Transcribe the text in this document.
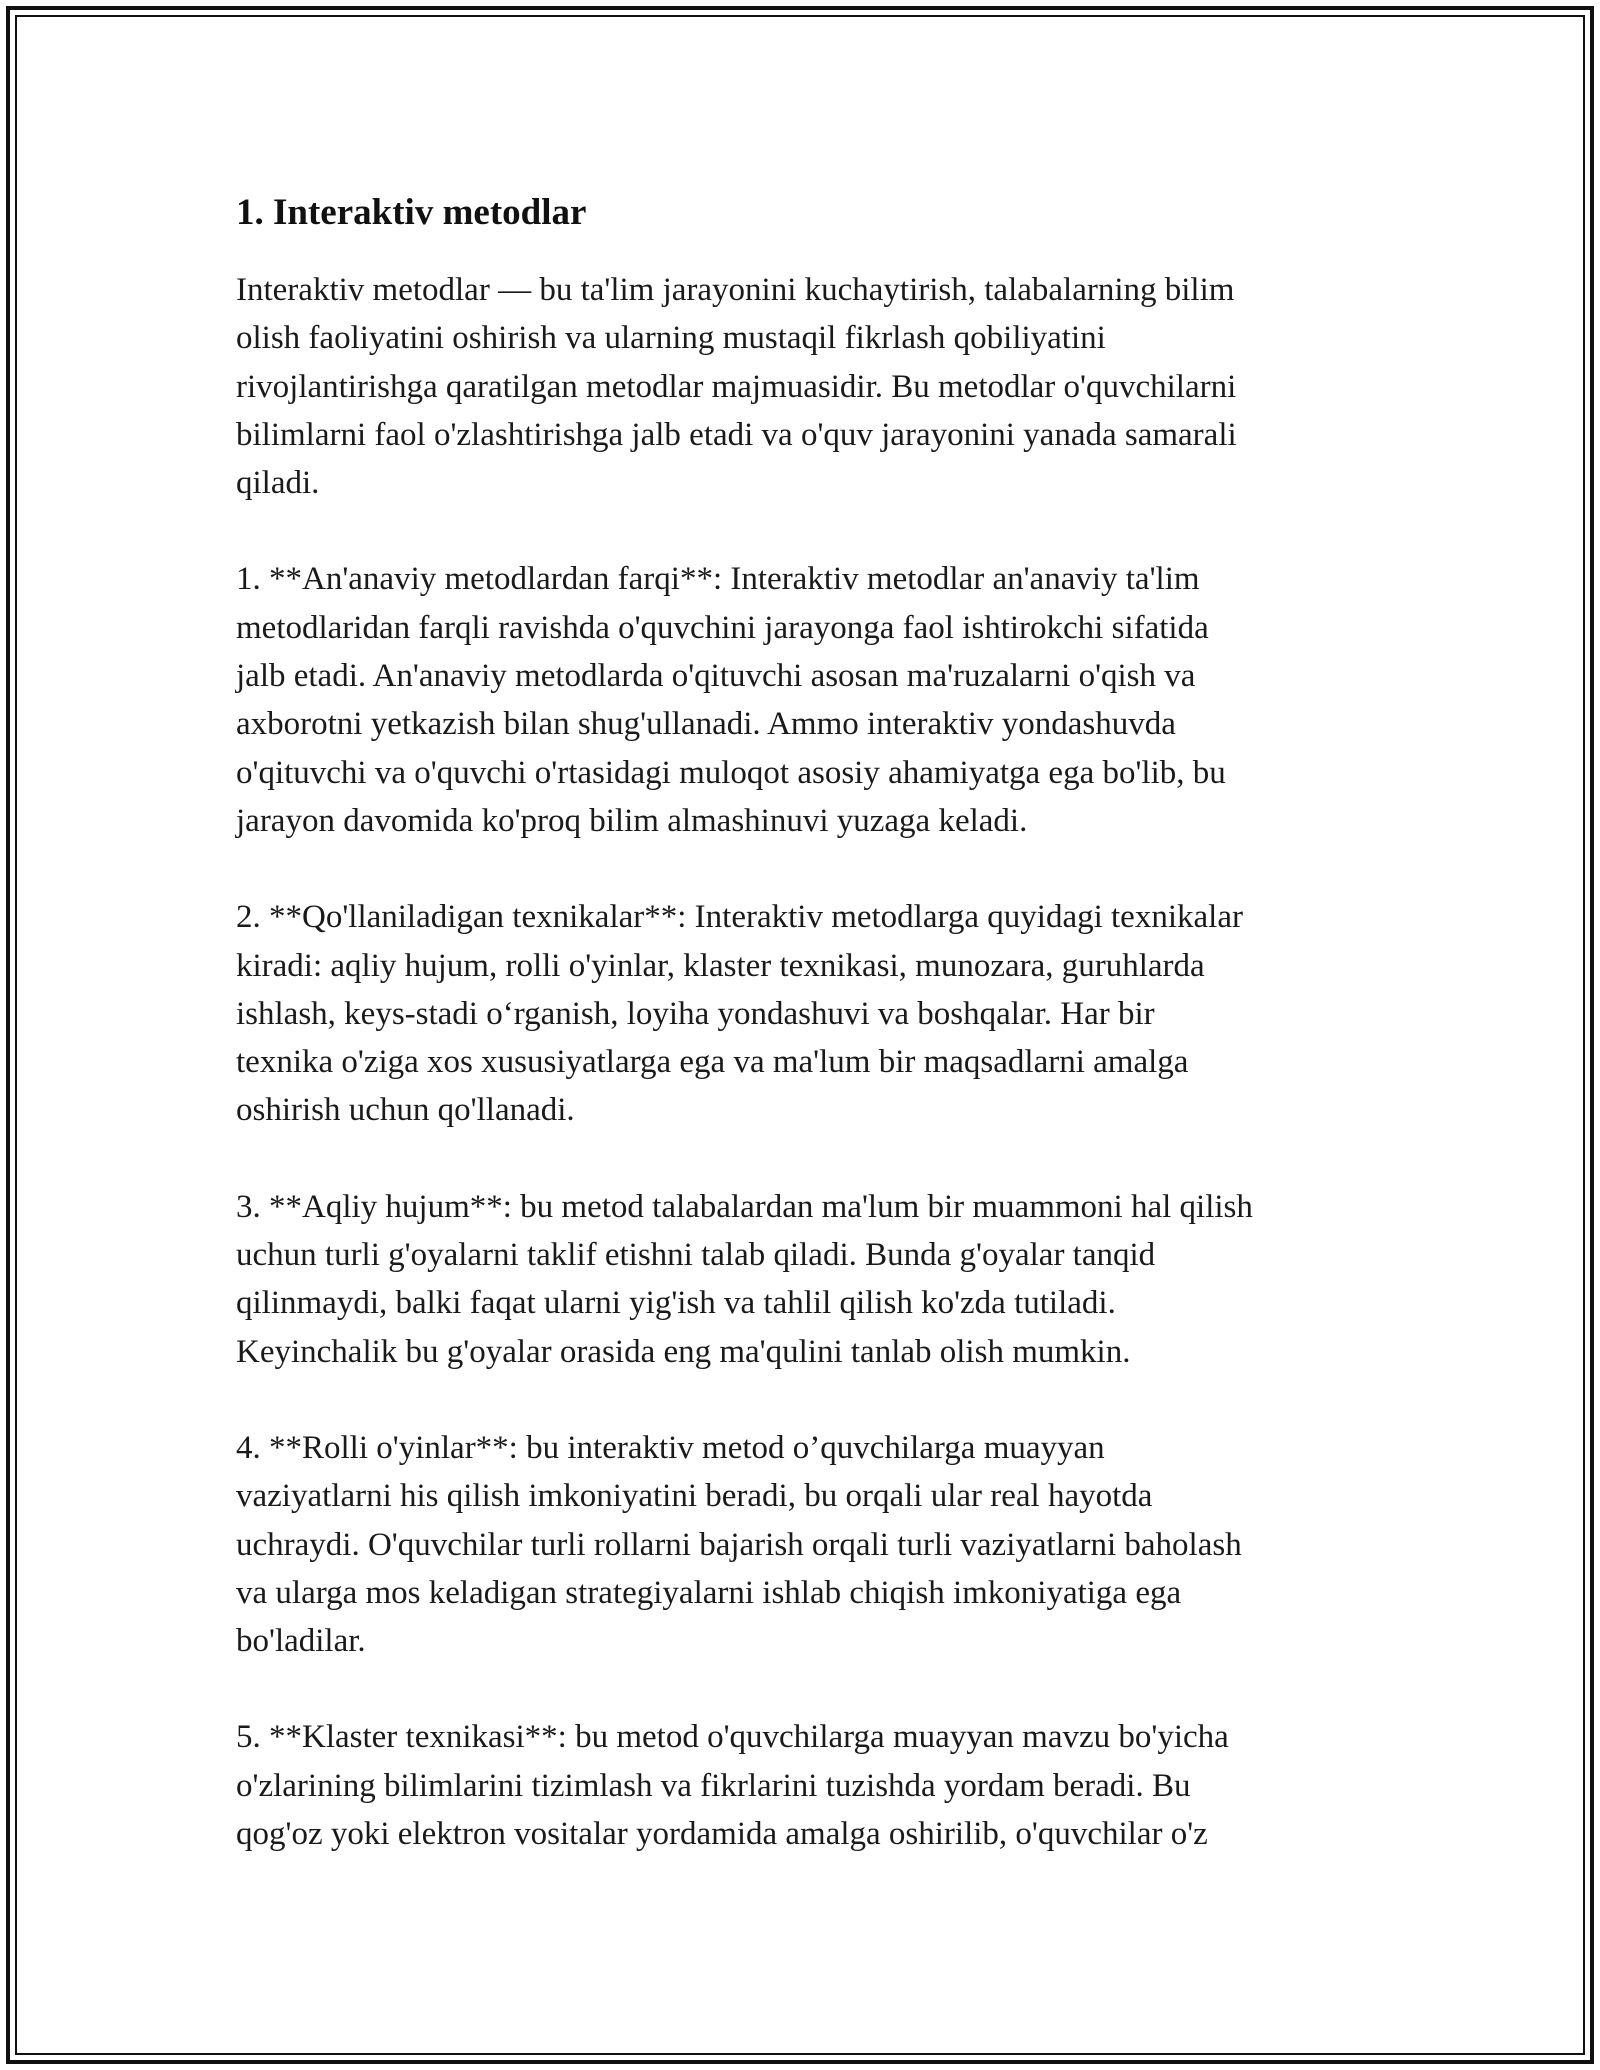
1. Interaktiv metodlar

Interaktiv metodlar — bu ta'lim jarayonini kuchaytirish, talabalarning bilim
olish faoliyatini oshirish va ularning mustaqil fikrlash qobiliyatini
rivojlantirishga qaratilgan metodlar majmuasidir. Bu metodlar o'quvchilarni
bilimlarni faol o'zlashtirishga jalb etadi va o'quv jarayonini yanada samarali
qiladi.

1. **An'anaviy metodlardan farqi**: Interaktiv metodlar an'anaviy ta'lim
metodlaridan farqli ravishda o'quvchini jarayonga faol ishtirokchi sifatida
jalb etadi. An'anaviy metodlarda o'qituvchi asosan ma'ruzalarni o'qish va
axborotni yetkazish bilan shug'ullanadi. Ammo interaktiv yondashuvda
o'qituvchi va o'quvchi o'rtasidagi muloqot asosiy ahamiyatga ega bo'lib, bu
jarayon davomida ko'proq bilim almashinuvi yuzaga keladi.

2. **Qo'llaniladigan texnikalar**: Interaktiv metodlarga quyidagi texnikalar
kiradi: aqliy hujum, rolli o'yinlar, klaster texnikasi, munozara, guruhlarda
ishlash, keys-stadi o‘rganish, loyiha yondashuvi va boshqalar. Har bir
texnika o'ziga xos xususiyatlarga ega va ma'lum bir maqsadlarni amalga
oshirish uchun qo'llanadi.

3. **Aqliy hujum**: bu metod talabalardan ma'lum bir muammoni hal qilish
uchun turli g'oyalarni taklif etishni talab qiladi. Bunda g'oyalar tanqid
qilinmaydi, balki faqat ularni yig'ish va tahlil qilish ko'zda tutiladi.
Keyinchalik bu g'oyalar orasida eng ma'qulini tanlab olish mumkin.

4. **Rolli o'yinlar**: bu interaktiv metod o’quvchilarga muayyan
vaziyatlarni his qilish imkoniyatini beradi, bu orqali ular real hayotda
uchraydi. O'quvchilar turli rollarni bajarish orqali turli vaziyatlarni baholash
va ularga mos keladigan strategiyalarni ishlab chiqish imkoniyatiga ega
bo'ladilar.

5. **Klaster texnikasi**: bu metod o'quvchilarga muayyan mavzu bo'yicha
o'zlarining bilimlarini tizimlash va fikrlarini tuzishda yordam beradi. Bu
qog'oz yoki elektron vositalar yordamida amalga oshirilib, o'quvchilar o'z
